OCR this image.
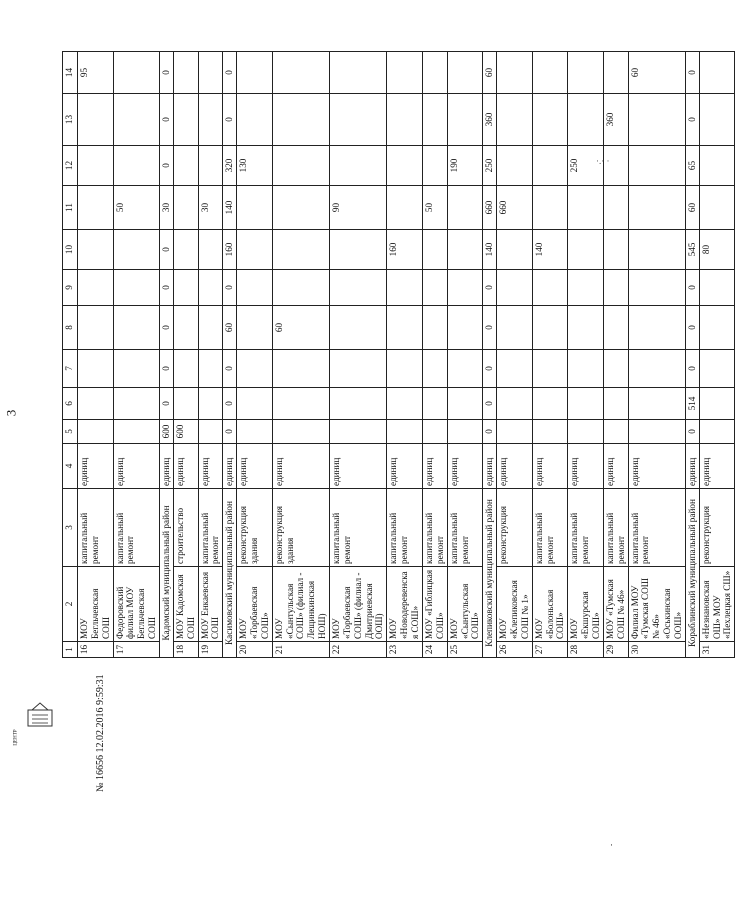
3
1	2	3	4	5	6	7	8	9	10	11	12	13	14
16	МОУ Бегльчевская СОШ	капитальный ремонт	единиц										95
17	Федоровский филиал МОУ Бегльчевская СОШ	капитальный ремонт	единиц							50			
Кадомский муниципальный район			единиц	600	0	0	0	0	0	30	0	0	0
18	МОУ Кадомская СОШ	строительство	единиц	600									
19	МОУ Енкаевская СОШ	капитальный ремонт	единиц							30			
Касимовский муниципальный район			единиц	0	0	0	60	0	160	140	320	0	0
20	МОУ «Торбаевская СОШ»	реконструкция здания	единиц								130		
21	МОУ «Сынтульская СОШ» (филиал - Лещинкинская НОШ)	реконструкция здания	единиц				60						
22	МОУ «Торбаевская СОШ» (филиал - Дмитриевская ООШ)	капитальный ремонт	единиц							90			
23	МОУ «Новодеревенская СОШ»	капитальный ремонт	единиц						160				
24	МОУ «Гиблицкая СОШ»	капитальный ремонт	единиц							50			
25	МОУ «Сынтульская СОШ»	капитальный ремонт	единиц								190		
Клепиковский муниципальный район			единиц	0	0	0	0	0	140	660	250	360	60
26	МОУ «Клепиковская СОШ № 1»	реконструкция	единиц							660			
27	МОУ «Болоньская СОШ»	капитальный ремонт	единиц						140				
28	МОУ «Екшурская СОШ»	капитальный ремонт	единиц								250		
29	МОУ «Тумская СОШ № 46»	капитальный ремонт	единиц									360	
30	Филиал МОУ «Тумская СОШ № 46» «Оськинская ООШ»	капитальный ремонт	единиц										60
Кораблинский муниципальный район			единиц	0	514	0	0	0	545	60	65	0	0
31	«Незнановская ОШ» МОУ «Пехлецкая СШ»	реконструкция	единиц						80				
ЦЕНТР	№ 16656 12.02.2016 9:59:31
·.· ·
·
